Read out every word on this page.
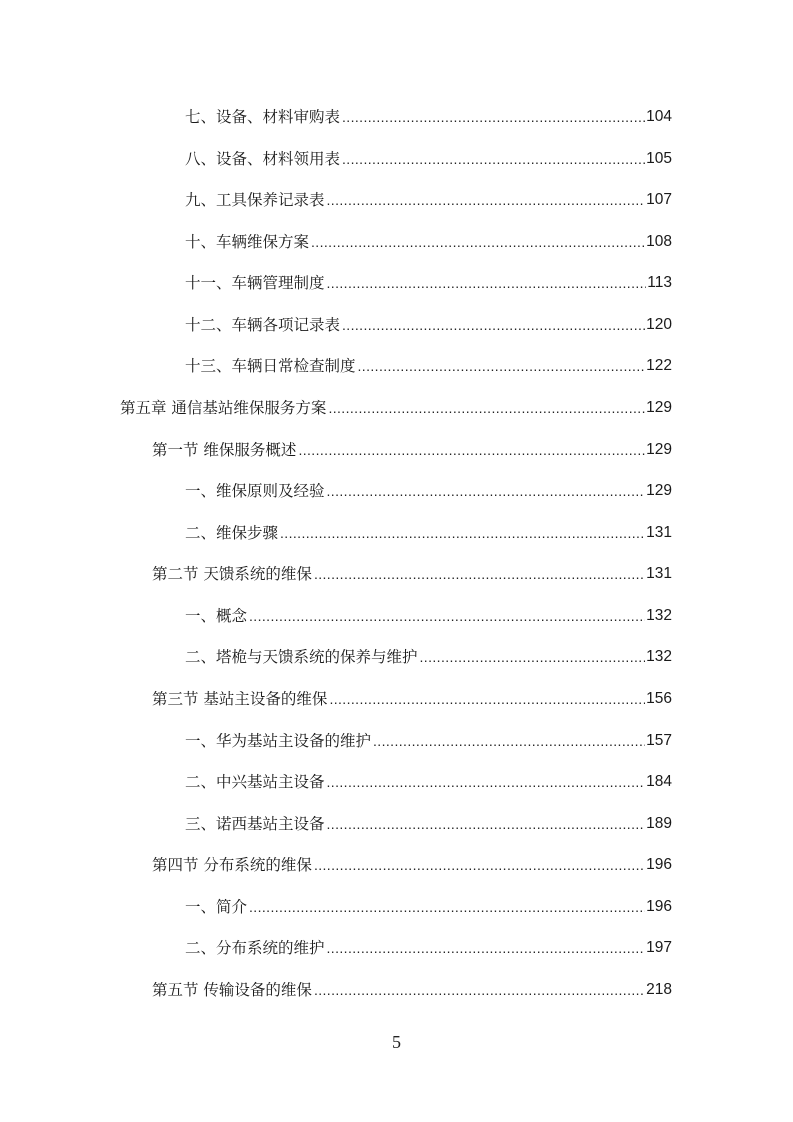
七、设备、材料审购表 .....	104
八、设备、材料领用表 .....	105
九、工具保养记录表 .....	107
十、车辆维保方案 .....	108
十一、车辆管理制度 .....	113
十二、车辆各项记录表 .....	120
十三、车辆日常检查制度 .....	122
第五章 通信基站维保服务方案 .....	129
第一节 维保服务概述 .....	129
一、维保原则及经验 .....	129
二、维保步骤 .....	131
第二节 天馈系统的维保 .....	131
一、概念 .....	132
二、塔桅与天馈系统的保养与维护 .....	132
第三节 基站主设备的维保 .....	156
一、华为基站主设备的维护 .....	157
二、中兴基站主设备 .....	184
三、诺西基站主设备 .....	189
第四节 分布系统的维保 .....	196
一、简介 .....	196
二、分布系统的维护 .....	197
第五节 传输设备的维保 .....	218
5
